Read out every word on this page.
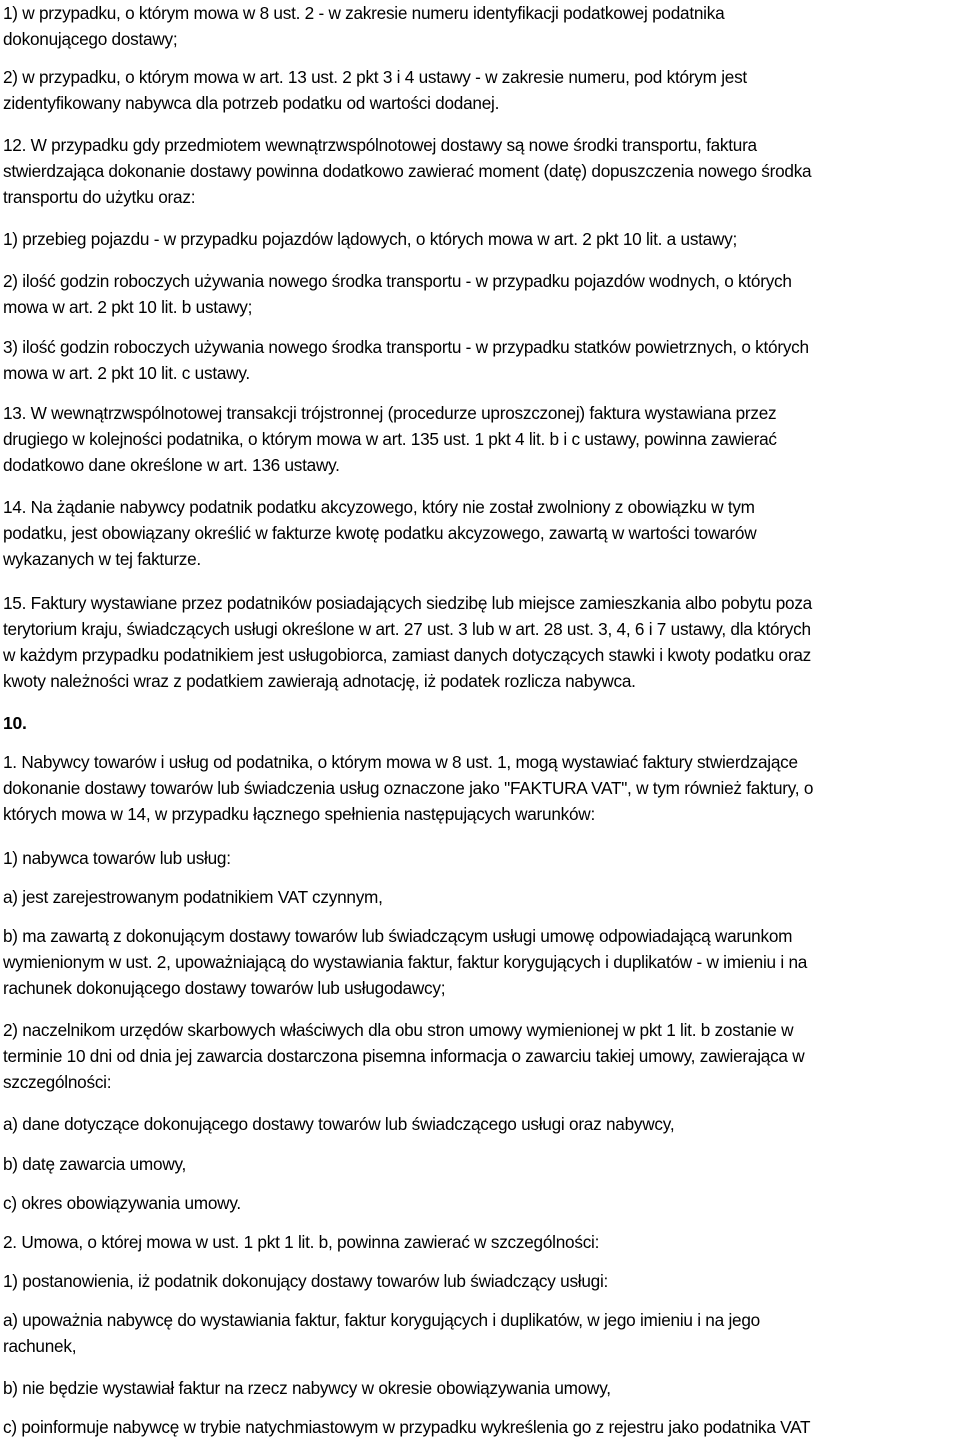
1) w przypadku, o którym mowa w 8 ust. 2 - w zakresie numeru identyfikacji podatkowej podatnika
dokonującego dostawy;
2) w przypadku, o którym mowa w art. 13 ust. 2 pkt 3 i 4 ustawy - w zakresie numeru, pod którym jest
zidentyfikowany nabywca dla potrzeb podatku od wartości dodanej.
12. W przypadku gdy przedmiotem wewnątrzwspólnotowej dostawy są nowe środki transportu, faktura
stwierdzająca dokonanie dostawy powinna dodatkowo zawierać moment (datę) dopuszczenia nowego środka
transportu do użytku oraz:
1) przebieg pojazdu - w przypadku pojazdów lądowych, o których mowa w art. 2 pkt 10 lit. a ustawy;
2) ilość godzin roboczych używania nowego środka transportu - w przypadku pojazdów wodnych, o których
mowa w art. 2 pkt 10 lit. b ustawy;
3) ilość godzin roboczych używania nowego środka transportu - w przypadku statków powietrznych, o których
mowa w art. 2 pkt 10 lit. c ustawy.
13. W wewnątrzwspólnotowej transakcji trójstronnej (procedurze uproszczonej) faktura wystawiana przez
drugiego w kolejności podatnika, o którym mowa w art. 135 ust. 1 pkt 4 lit. b i c ustawy, powinna zawierać
dodatkowo dane określone w art. 136 ustawy.
14. Na żądanie nabywcy podatnik podatku akcyzowego, który nie został zwolniony z obowiązku w tym
podatku, jest obowiązany określić w fakturze kwotę podatku akcyzowego, zawartą w wartości towarów
wykazanych w tej fakturze.
15. Faktury wystawiane przez podatników posiadających siedzibę lub miejsce zamieszkania albo pobytu poza
terytorium kraju, świadczących usługi określone w art. 27 ust. 3 lub w art. 28 ust. 3, 4, 6 i 7 ustawy, dla których
w każdym przypadku podatnikiem jest usługobiorca, zamiast danych dotyczących stawki i kwoty podatku oraz
kwoty należności wraz z podatkiem zawierają adnotację, iż podatek rozlicza nabywca.
10.
1. Nabywcy towarów i usług od podatnika, o którym mowa w 8 ust. 1, mogą wystawiać faktury stwierdzające
dokonanie dostawy towarów lub świadczenia usług oznaczone jako "FAKTURA VAT", w tym również faktury, o
których mowa w 14, w przypadku łącznego spełnienia następujących warunków:
1) nabywca towarów lub usług:
a) jest zarejestrowanym podatnikiem VAT czynnym,
b) ma zawartą z dokonującym dostawy towarów lub świadczącym usługi umowę odpowiadającą warunkom
wymienionym w ust. 2, upoważniającą do wystawiania faktur, faktur korygujących i duplikatów - w imieniu i na
rachunek dokonującego dostawy towarów lub usługodawcy;
2) naczelnikom urzędów skarbowych właściwych dla obu stron umowy wymienionej w pkt 1 lit. b zostanie w
terminie 10 dni od dnia jej zawarcia dostarczona pisemna informacja o zawarciu takiej umowy, zawierająca w
szczególności:
a) dane dotyczące dokonującego dostawy towarów lub świadczącego usługi oraz nabywcy,
b) datę zawarcia umowy,
c) okres obowiązywania umowy.
2. Umowa, o której mowa w ust. 1 pkt 1 lit. b, powinna zawierać w szczególności:
1) postanowienia, iż podatnik dokonujący dostawy towarów lub świadczący usługi:
a) upoważnia nabywcę do wystawiania faktur, faktur korygujących i duplikatów, w jego imieniu i na jego
rachunek,
b) nie będzie wystawiał faktur na rzecz nabywcy w okresie obowiązywania umowy,
c) poinformuje nabywcę w trybie natychmiastowym w przypadku wykreślenia go z rejestru jako podatnika VAT
